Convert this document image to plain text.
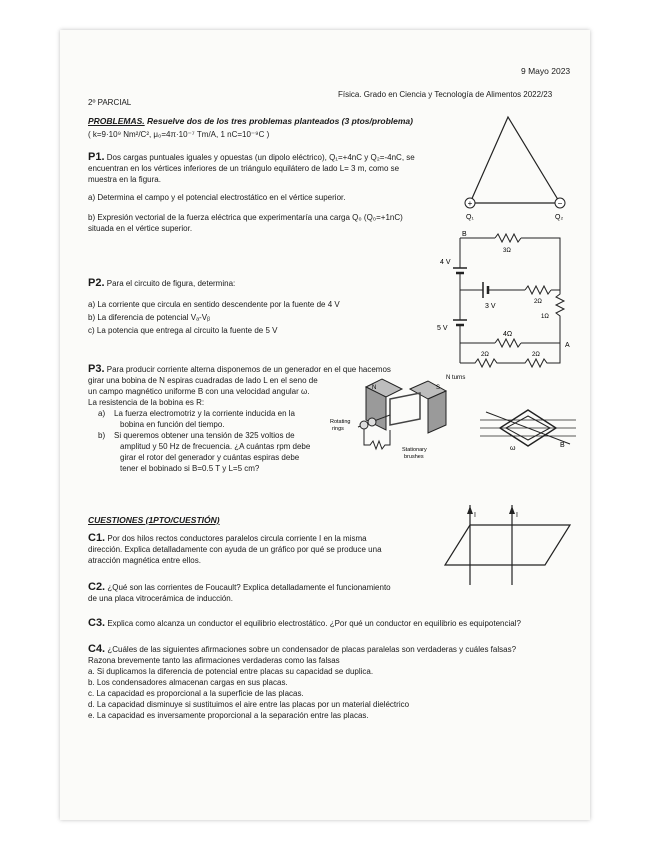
9 Mayo 2023
2º PARCIAL
Física. Grado en Ciencia y Tecnología de Alimentos 2022/23
PROBLEMAS. Resuelve dos de los tres problemas planteados (3 ptos/problema)
( k=9·10⁹ Nm²/C², μ₀=4π·10⁻⁷ Tm/A, 1 nC=10⁻⁹C )
P1. Dos cargas puntuales iguales y opuestas (un dipolo eléctrico), Q₁=+4nC y Q₂=-4nC, se
encuentran en los vértices inferiores de un triángulo equilátero de lado L= 3 m, como se
muestra en la figura.
a) Determina el campo y el potencial electrostático en el vértice superior.
b) Expresión vectorial de la fuerza eléctrica que experimentaría una carga Q₀ (Q₀=+1nC)
situada en el vértice superior.
+	−
Q₁	Q₂
P2. Para el circuito de figura, determina:
a) La corriente que circula en sentido descendente por la fuente de 4 V
b) La diferencia de potencial Vₐ-Vᵦ
c) La potencia que entrega al circuito la fuente de 5 V
B
4 V
3Ω
3 V
2Ω
5 V
4Ω
1Ω
A
2Ω	2Ω
P3. Para producir corriente alterna disponemos de un generador en el que hacemos
girar una bobina de N espiras cuadradas de lado L en el seno de
un campo magnético uniforme B con una velocidad angular ω.
La resistencia de la bobina es R:
a) La fuerza electromotriz y la corriente inducida en la
bobina en función del tiempo.
b) Si queremos obtener una tensión de 325 voltios de
amplitud y 50 Hz de frecuencia. ¿A cuántas rpm debe
girar el rotor del generador y cuántas espiras debe
tener el bobinado si B=0.5 T y L=5 cm?
N	S
N turns
Rotating
rings
Stationary
brushes
B
ω
CUESTIONES (1PTO/CUESTIÓN)
C1. Por dos hilos rectos conductores paralelos circula corriente I en la misma
dirección. Explica detalladamente con ayuda de un gráfico por qué se produce una
atracción magnética entre ellos.
I	I
C2. ¿Qué son las corrientes de Foucault? Explica detalladamente el funcionamiento
de una placa vitrocerámica de inducción.
C3. Explica como alcanza un conductor el equilibrio electrostático. ¿Por qué un conductor en equilibrio es equipotencial?
C4. ¿Cuáles de las siguientes afirmaciones sobre un condensador de placas paralelas son verdaderas y cuáles falsas?
Razona brevemente tanto las afirmaciones verdaderas como las falsas
a. Si duplicamos la diferencia de potencial entre placas su capacidad se duplica.
b. Los condensadores almacenan cargas en sus placas.
c. La capacidad es proporcional a la superficie de las placas.
d. La capacidad disminuye si sustituimos el aire entre las placas por un material dieléctrico
e. La capacidad es inversamente proporcional a la separación entre las placas.
